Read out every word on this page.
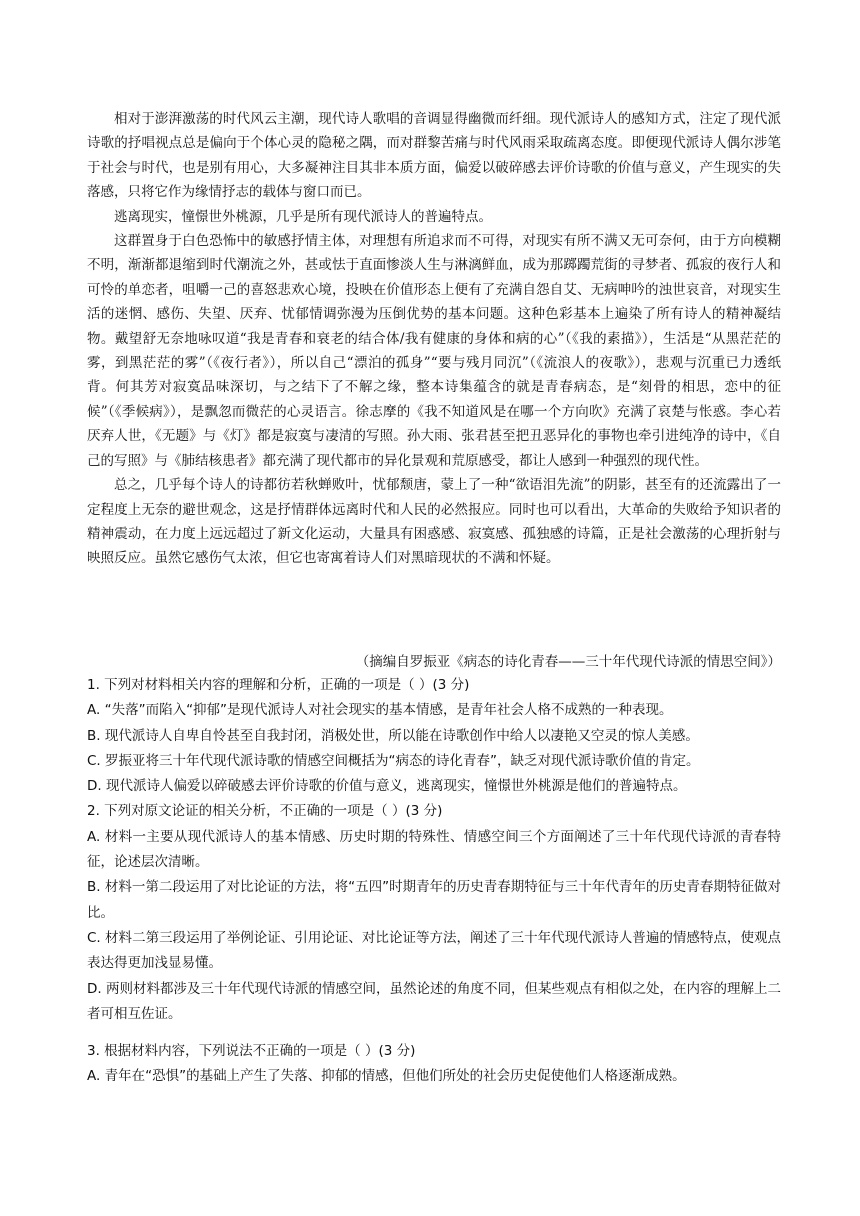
相对于澎湃激荡的时代风云主潮，现代诗人歌唱的音调显得幽微而纤细。现代派诗人的感知方式，注定了现代派诗歌的抒唱视点总是偏向于个体心灵的隐秘之隅，而对群黎苦痛与时代风雨采取疏离态度。即便现代派诗人偶尔涉笔于社会与时代，也是别有用心，大多凝神注目其非本质方面，偏爱以破碎感去评价诗歌的价值与意义，产生现实的失落感，只将它作为缘情抒志的载体与窗口而已。

逃离现实，憧憬世外桃源，几乎是所有现代派诗人的普遍特点。

这群置身于白色恐怖中的敏感抒情主体，对理想有所追求而不可得，对现实有所不满又无可奈何，由于方向模糊不明，渐渐都退缩到时代潮流之外，甚或怯于直面惨淡人生与淋漓鲜血，成为那踯躅荒街的寻梦者、孤寂的夜行人和可怜的单恋者，咀嚼一己的喜怒悲欢心境，投映在价值形态上便有了充满自怨自艾、无病呻吟的浊世哀音，对现实生活的迷惘、感伤、失望、厌弃、忧郁情调弥漫为压倒优势的基本问题。这种色彩基本上遍染了所有诗人的精神凝结物。戴望舒无奈地咏叹道“我是青春和衰老的结合体/我有健康的身体和病的心”（《我的素描》），生活是“从黑茫茫的雾，到黑茫茫的雾”（《夜行者》），所以自己“漂泊的孤身”“要与残月同沉”（《流浪人的夜歌》），悲观与沉重已力透纸背。何其芳对寂寞品味深切，与之结下了不解之缘，整本诗集蕴含的就是青春病态，是“刻骨的相思，恋中的征候”（《季候病》），是飘忽而微茫的心灵语言。徐志摩的《我不知道风是在哪一个方向吹》充满了哀楚与怅惑。李心若厌弃人世，《无题》与《灯》都是寂寞与凄清的写照。孙大雨、张君甚至把丑恶异化的事物也牵引进纯净的诗中，《自己的写照》与《肺结核患者》都充满了现代都市的异化景观和荒原感受，都让人感到一种强烈的现代性。

总之，几乎每个诗人的诗都彷若秋蝉败叶，忧郁颓唐，蒙上了一种“欲语泪先流”的阴影，甚至有的还流露出了一定程度上无奈的避世观念，这是抒情群体远离时代和人民的必然报应。同时也可以看出，大革命的失败给予知识者的精神震动，在力度上远远超过了新文化运动，大量具有困惑感、寂寞感、孤独感的诗篇，正是社会激荡的心理折射与映照反应。虽然它感伤气太浓，但它也寄寓着诗人们对黑暗现状的不满和怀疑。

（摘编自罗振亚《病态的诗化青春——三十年代现代诗派的情思空间》）

1. 下列对材料相关内容的理解和分析，正确的一项是（ ）(3 分)

A. “失落”而陷入“抑郁”是现代派诗人对社会现实的基本情感，是青年社会人格不成熟的一种表现。

B. 现代派诗人自卑自怜甚至自我封闭，消极处世，所以能在诗歌创作中给人以凄艳又空灵的惊人美感。

C. 罗振亚将三十年代现代派诗歌的情感空间概括为“病态的诗化青春”，缺乏对现代派诗歌价值的肯定。

D. 现代派诗人偏爱以碎破感去评价诗歌的价值与意义，逃离现实，憧憬世外桃源是他们的普遍特点。

2. 下列对原文论证的相关分析，不正确的一项是（ ）(3 分)

A. 材料一主要从现代派诗人的基本情感、历史时期的特殊性、情感空间三个方面阐述了三十年代现代诗派的青春特征，论述层次清晰。

B. 材料一第二段运用了对比论证的方法，将“五四”时期青年的历史青春期特征与三十年代青年的历史青春期特征做对比。

C. 材料二第三段运用了举例论证、引用论证、对比论证等方法，阐述了三十年代现代派诗人普遍的情感特点，使观点表达得更加浅显易懂。

D. 两则材料都涉及三十年代现代诗派的情感空间，虽然论述的角度不同，但某些观点有相似之处，在内容的理解上二者可相互佐证。

3. 根据材料内容，下列说法不正确的一项是（ ）(3 分)

A. 青年在“恐惧”的基础上产生了失落、抑郁的情感，但他们所处的社会历史促使他们人格逐渐成熟。
